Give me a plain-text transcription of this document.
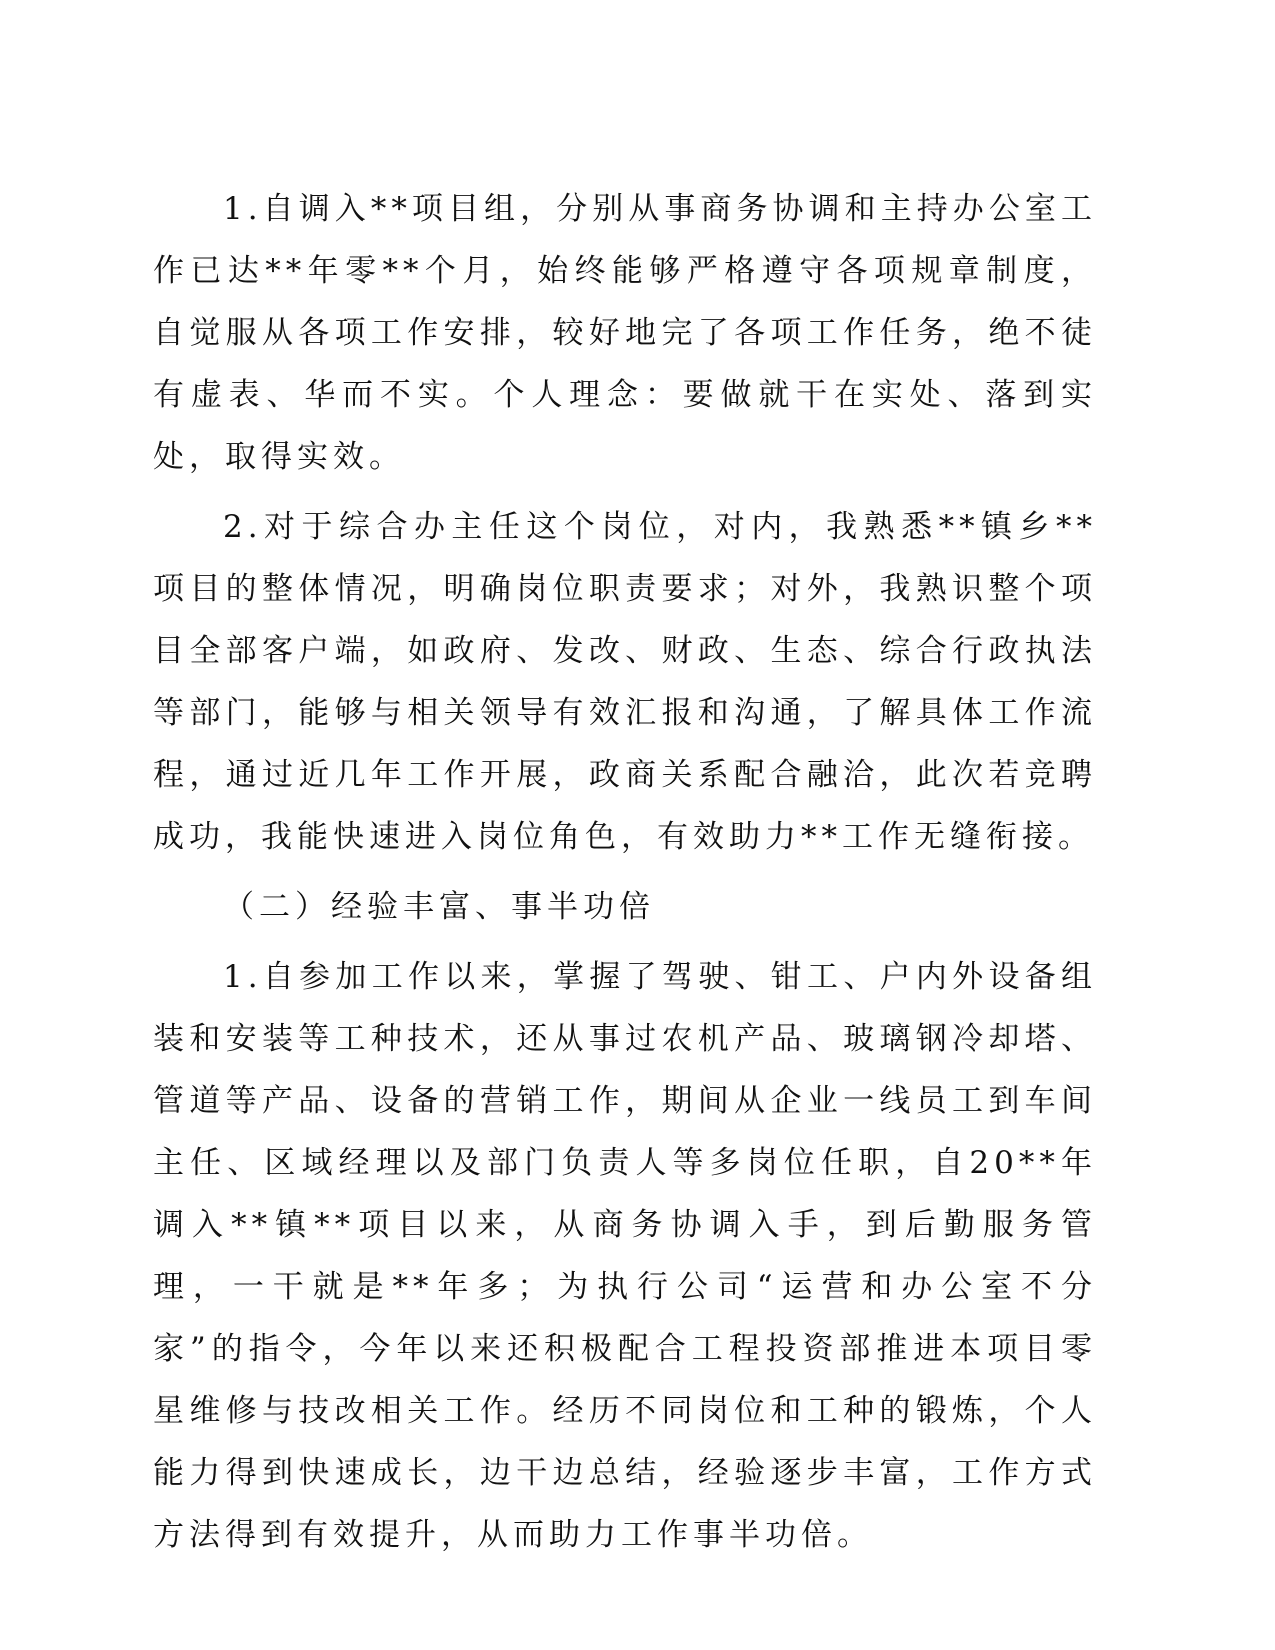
1.自调入**项目组，分别从事商务协调和主持办公室工作已达**年零**个月，始终能够严格遵守各项规章制度，自觉服从各项工作安排，较好地完了各项工作任务，绝不徒有虚表、华而不实。个人理念：要做就干在实处、落到实处，取得实效。

2.对于综合办主任这个岗位，对内，我熟悉**镇乡**项目的整体情况，明确岗位职责要求；对外，我熟识整个项目全部客户端，如政府、发改、财政、生态、综合行政执法等部门，能够与相关领导有效汇报和沟通，了解具体工作流程，通过近几年工作开展，政商关系配合融洽，此次若竞聘成功，我能快速进入岗位角色，有效助力**工作无缝衔接。

（二）经验丰富、事半功倍

1.自参加工作以来，掌握了驾驶、钳工、户内外设备组装和安装等工种技术，还从事过农机产品、玻璃钢冷却塔、管道等产品、设备的营销工作，期间从企业一线员工到车间主任、区域经理以及部门负责人等多岗位任职，自20**年调入**镇**项目以来，从商务协调入手，到后勤服务管理，一干就是**年多；为执行公司“运营和办公室不分家”的指令，今年以来还积极配合工程投资部推进本项目零星维修与技改相关工作。经历不同岗位和工种的锻炼，个人能力得到快速成长，边干边总结，经验逐步丰富，工作方式方法得到有效提升，从而助力工作事半功倍。
